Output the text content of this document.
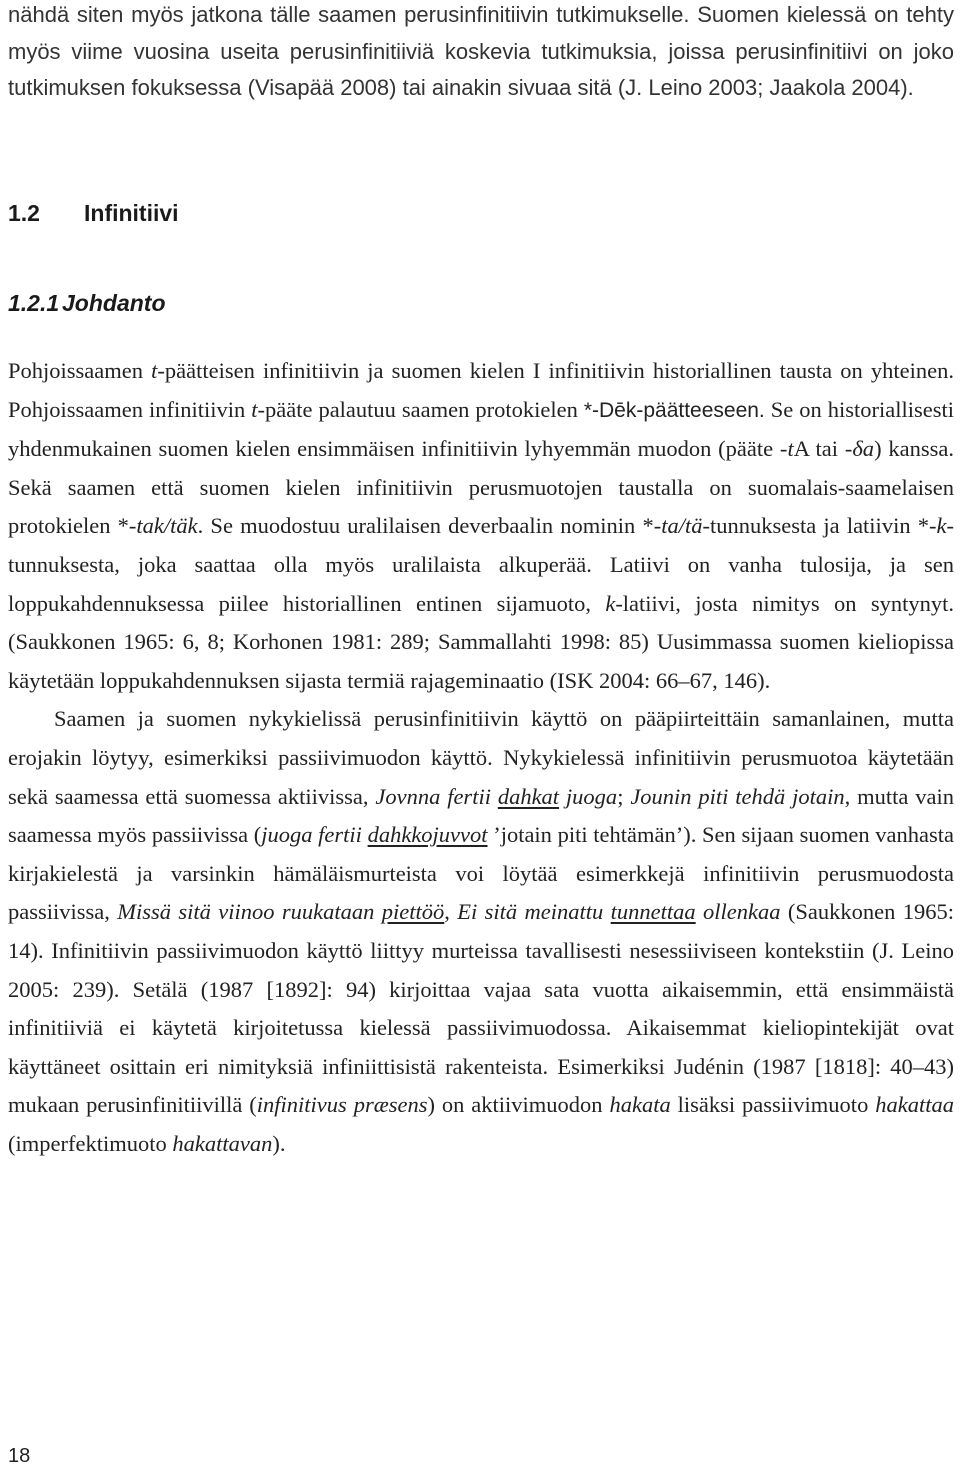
nähdä siten myös jatkona tälle saamen perusinfinitiivin tutkimukselle. Suomen kielessä on tehty myös viime vuosina useita perusinfinitiiviä koskevia tutkimuksia, joissa perusinfinitiivi on joko tutkimuksen fokuksessa (Visapää 2008) tai ainakin sivuaa sitä (J. Leino 2003; Jaakola 2004).

1.2 Infinitiivi
1.2.1 Johdanto

Pohjoissaamen t-päätteisen infinitiivin ja suomen kielen I infinitiivin historiallinen tausta on yhteinen. Pohjoissaamen infinitiivin t-pääte palautuu saamen protokielen *-Dēk-päätteeseen. Se on historiallisesti yhdenmukainen suomen kielen ensimmäisen infinitiivin lyhyemmän muodon (pääte -tA tai -δa) kanssa. Sekä saamen että suomen kielen infinitiivin perusmuotojen taustalla on suomalais-saamelaisen protokielen *-tak/täk. Se muodostuu uralilaisen deverbaalin nominin *-ta/tä-tunnuksesta ja latiivin *-k-tunnuksesta, joka saattaa olla myös uralilaista alkuperää. Latiivi on vanha tulosija, ja sen loppukahdennuksessa piilee historiallinen entinen sijamuoto, k-latiivi, josta nimitys on syntynyt. (Saukkonen 1965: 6, 8; Korhonen 1981: 289; Sammallahti 1998: 85) Uusimmassa suomen kieliopissa käytetään loppukahdennuksen sijasta termiä rajageminaatio (ISK 2004: 66–67, 146).

Saamen ja suomen nykykielissä perusinfinitiivin käyttö on pääpiirteittäin samanlainen, mutta erojakin löytyy, esimerkiksi passiivimuodon käyttö. Nykykielessä infinitiivin perusmuotoa käytetään sekä saamessa että suomessa aktiivissa, Jovnna fertii dahkat juoga; Jounin piti tehdä jotain, mutta vain saamessa myös passiivissa (juoga fertii dahkkojuvvot ’jotain piti tehtämän’). Sen sijaan suomen vanhasta kirjakielestä ja varsinkin hämäläismurteista voi löytää esimerkkejä infinitiivin perusmuodosta passiivissa, Missä sitä viinoo ruukataan piettöö, Ei sitä meinattu tunnettaa ollenkaa (Saukkonen 1965: 14). Infinitiivin passiivimuodon käyttö liittyy murteissa tavallisesti nesessiiviseen kontekstiin (J. Leino 2005: 239). Setälä (1987 [1892]: 94) kirjoittaa vajaa sata vuotta aikaisemmin, että ensimmäistä infinitiiviä ei käytetä kirjoitetussa kielessä passiivimuodossa. Aikaisemmat kieliopintekijät ovat käyttäneet osittain eri nimityksiä infiniittisistä rakenteista. Esimerkiksi Judénin (1987 [1818]: 40–43) mukaan perusinfinitiivillä (infinitivus præsens) on aktiivimuodon hakata lisäksi passiivimuoto hakattaa (imperfektimuoto hakattavan).

18
